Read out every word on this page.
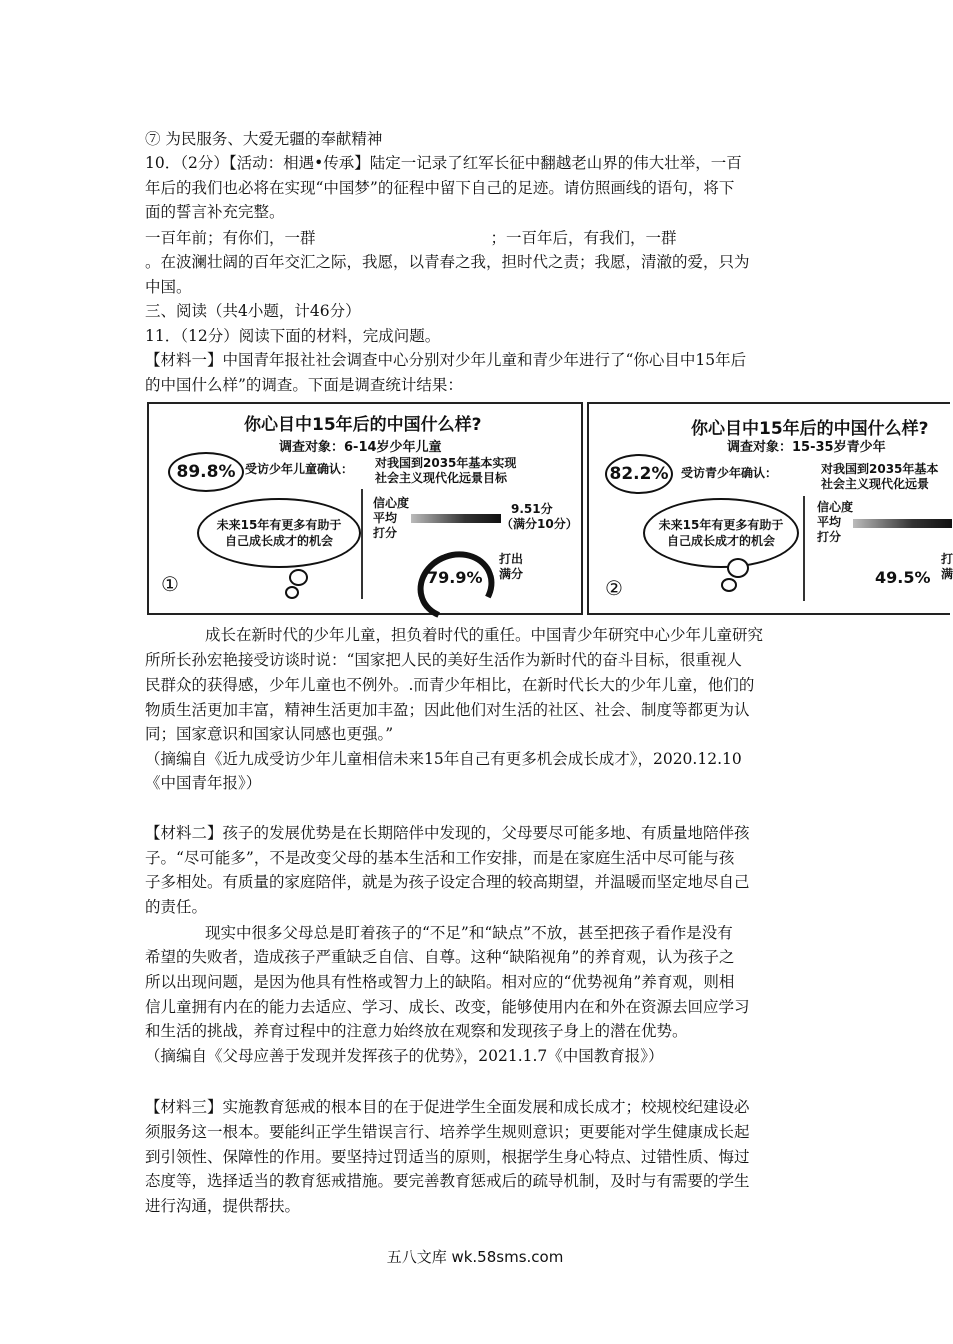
⑦ 为民服务、大爱无疆的奉献精神
10．（2分）【活动：相遇•传承】陆定一记录了红军长征中翻越老山界的伟大壮举，一百
年后的我们也必将在实现“中国梦”的征程中留下自己的足迹。请仿照画线的语句，将下
面的誓言补充完整。
一百年前；有你们，一群	；一百年后，有我们，一群
。在波澜壮阔的百年交汇之际，我愿，以青春之我，担时代之责；我愿，清澈的爱，只为
中国。
三、阅读（共4小题，计46分）
11．（12分）阅读下面的材料，完成问题。
【材料一】中国青年报社社会调查中心分别对少年儿童和青少年进行了“你心目中15年后
的中国什么样”的调查。下面是调查统计结果：
你心目中15年后的中国什么样?
调查对象：6-14岁少年儿童
89.8% 受访少年儿童确认： 对我国到2035年基本实现
社会主义现代化远景目标
未来15年有更多有助于
自己成长成才的机会
①
信心度
平均
打分
9.51分
（满分10分）
79.9%
打出
满分
你心目中15年后的中国什么样?
调查对象：15-35岁青少年
82.2% 受访青少年确认：	对我国到2035年基本
社会主义现代化远景
未来15年有更多有助于
自己成长成才的机会
②
信心度
平均
打分
49.5%
打
满
成长在新时代的少年儿童，担负着时代的重任。中国青少年研究中心少年儿童研究
所所长孙宏艳接受访谈时说：“国家把人民的美好生活作为新时代的奋斗目标，很重视人
民群众的获得感，少年儿童也不例外。.而青少年相比，在新时代长大的少年儿童，他们的
物质生活更加丰富，精神生活更加丰盈；因此他们对生活的社区、社会、制度等都更为认
同；国家意识和国家认同感也更强。”
（摘编自《近九成受访少年儿童相信未来15年自己有更多机会成长成才》，2020.12.10
《中国青年报》）
【材料二】孩子的发展优势是在长期陪伴中发现的，父母要尽可能多地、有质量地陪伴孩
子。“尽可能多”，不是改变父母的基本生活和工作安排，而是在家庭生活中尽可能与孩
子多相处。有质量的家庭陪伴，就是为孩子设定合理的较高期望，并温暖而坚定地尽自己
的责任。
现实中很多父母总是盯着孩子的“不足”和“缺点”不放，甚至把孩子看作是没有
希望的失败者，造成孩子严重缺乏自信、自尊。这种“缺陷视角”的养育观，认为孩子之
所以出现问题，是因为他具有性格或智力上的缺陷。相对应的“优势视角”养育观，则相
信儿童拥有内在的能力去适应、学习、成长、改变，能够使用内在和外在资源去回应学习
和生活的挑战，养育过程中的注意力始终放在观察和发现孩子身上的潜在优势。
（摘编自《父母应善于发现并发挥孩子的优势》，2021.1.7《中国教育报》）
【材料三】实施教育惩戒的根本目的在于促进学生全面发展和成长成才；校规校纪建设必
须服务这一根本。要能纠正学生错误言行、培养学生规则意识；更要能对学生健康成长起
到引领性、保障性的作用。要坚持过罚适当的原则，根据学生身心特点、过错性质、悔过
态度等，选择适当的教育惩戒措施。要完善教育惩戒后的疏导机制，及时与有需要的学生
进行沟通，提供帮扶。
五八文库 wk.58sms.com
